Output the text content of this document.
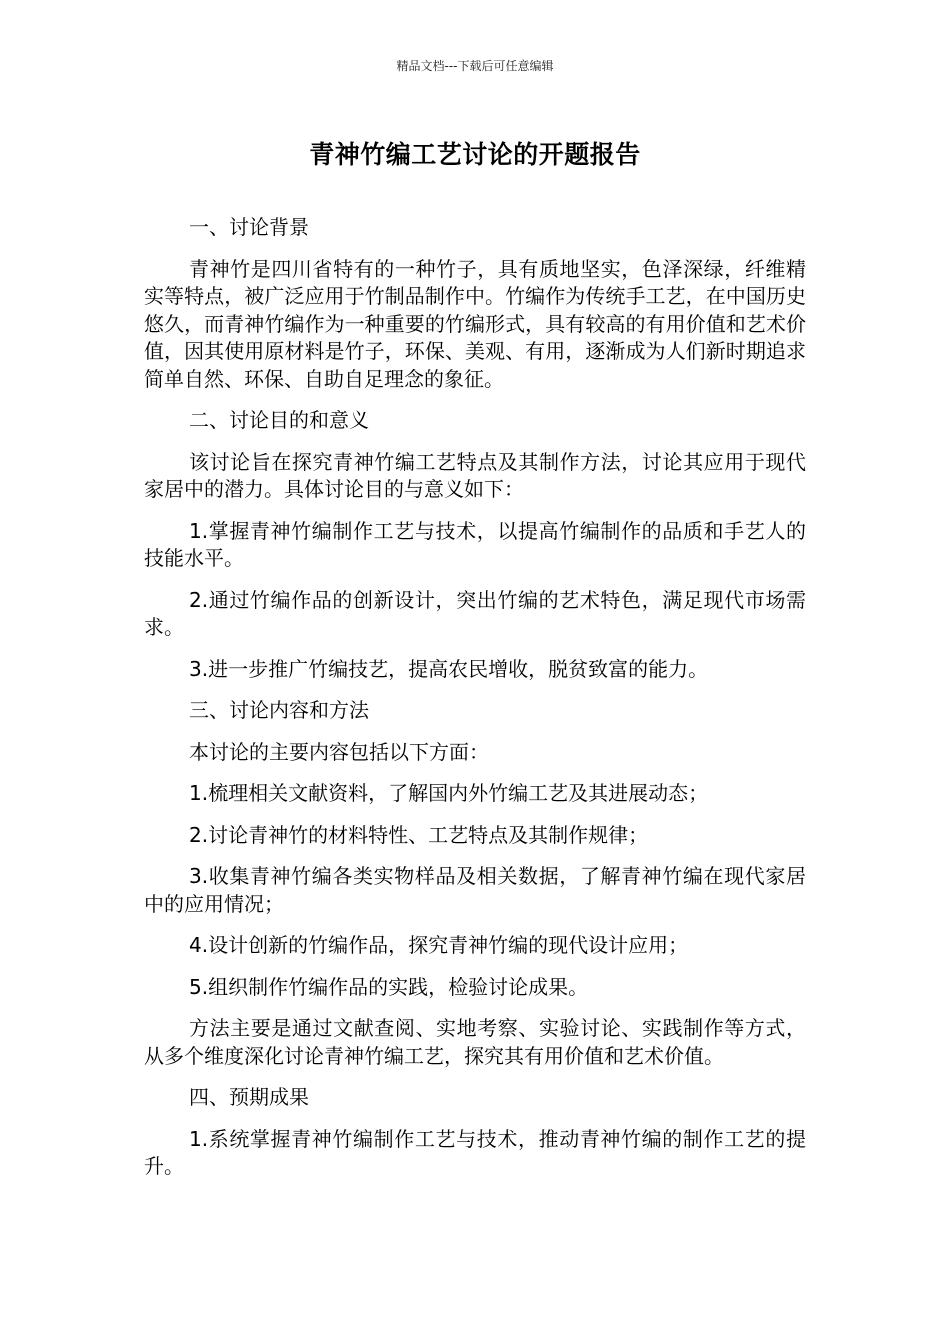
精品文档---下载后可任意编辑
青神竹编工艺讨论的开题报告

一、讨论背景

青神竹是四川省特有的一种竹子，具有质地坚实，色泽深绿，纤维精实等特点，被广泛应用于竹制品制作中。竹编作为传统手工艺，在中国历史悠久，而青神竹编作为一种重要的竹编形式，具有较高的有用价值和艺术价值，因其使用原材料是竹子，环保、美观、有用，逐渐成为人们新时期追求简单自然、环保、自助自足理念的象征。

二、讨论目的和意义

该讨论旨在探究青神竹编工艺特点及其制作方法，讨论其应用于现代家居中的潜力。具体讨论目的与意义如下：

1.掌握青神竹编制作工艺与技术，以提高竹编制作的品质和手艺人的技能水平。

2.通过竹编作品的创新设计，突出竹编的艺术特色，满足现代市场需求。

3.进一步推广竹编技艺，提高农民增收，脱贫致富的能力。

三、讨论内容和方法

本讨论的主要内容包括以下方面：

1.梳理相关文献资料，了解国内外竹编工艺及其进展动态；

2.讨论青神竹的材料特性、工艺特点及其制作规律；

3.收集青神竹编各类实物样品及相关数据，了解青神竹编在现代家居中的应用情况；

4.设计创新的竹编作品，探究青神竹编的现代设计应用；

5.组织制作竹编作品的实践，检验讨论成果。

方法主要是通过文献查阅、实地考察、实验讨论、实践制作等方式，从多个维度深化讨论青神竹编工艺，探究其有用价值和艺术价值。

四、预期成果

1.系统掌握青神竹编制作工艺与技术，推动青神竹编的制作工艺的提升。
